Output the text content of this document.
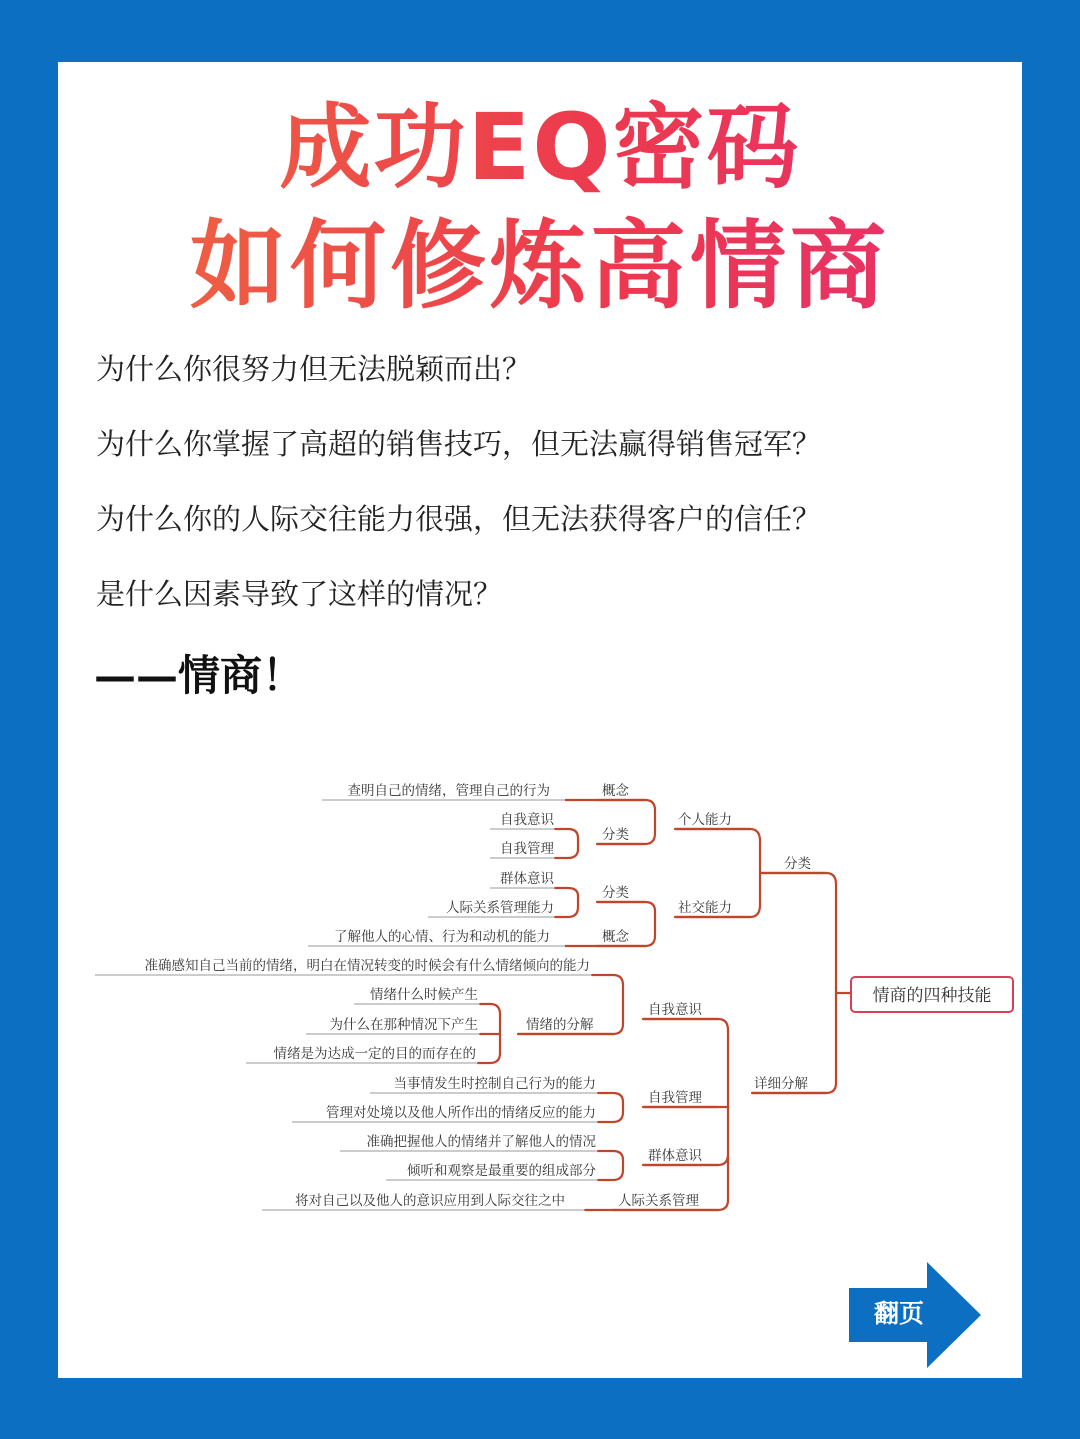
成功EQ密码
如何修炼高情商

为什么你很努力但无法脱颖而出？

为什么你掌握了高超的销售技巧，但无法赢得销售冠军？

为什么你的人际交往能力很强，但无法获得客户的信任？

是什么因素导致了这样的情况？

——情商！

情商的四种技能
分类
详细分解
个人能力
社交能力
概念
分类
查明自己的情绪，管理自己的行为
自我意识
自我管理
分类
概念
群体意识
人际关系管理能力
了解他人的心情、行为和动机的能力
自我意识
自我管理
群体意识
人际关系管理
准确感知自己当前的情绪，明白在情况转变的时候会有什么情绪倾向的能力
情绪的分解
情绪什么时候产生
为什么在那种情况下产生
情绪是为达成一定的目的而存在的
当事情发生时控制自己行为的能力
管理对处境以及他人所作出的情绪反应的能力
准确把握他人的情绪并了解他人的情况
倾听和观察是最重要的组成部分
将对自己以及他人的意识应用到人际交往之中
翻页
